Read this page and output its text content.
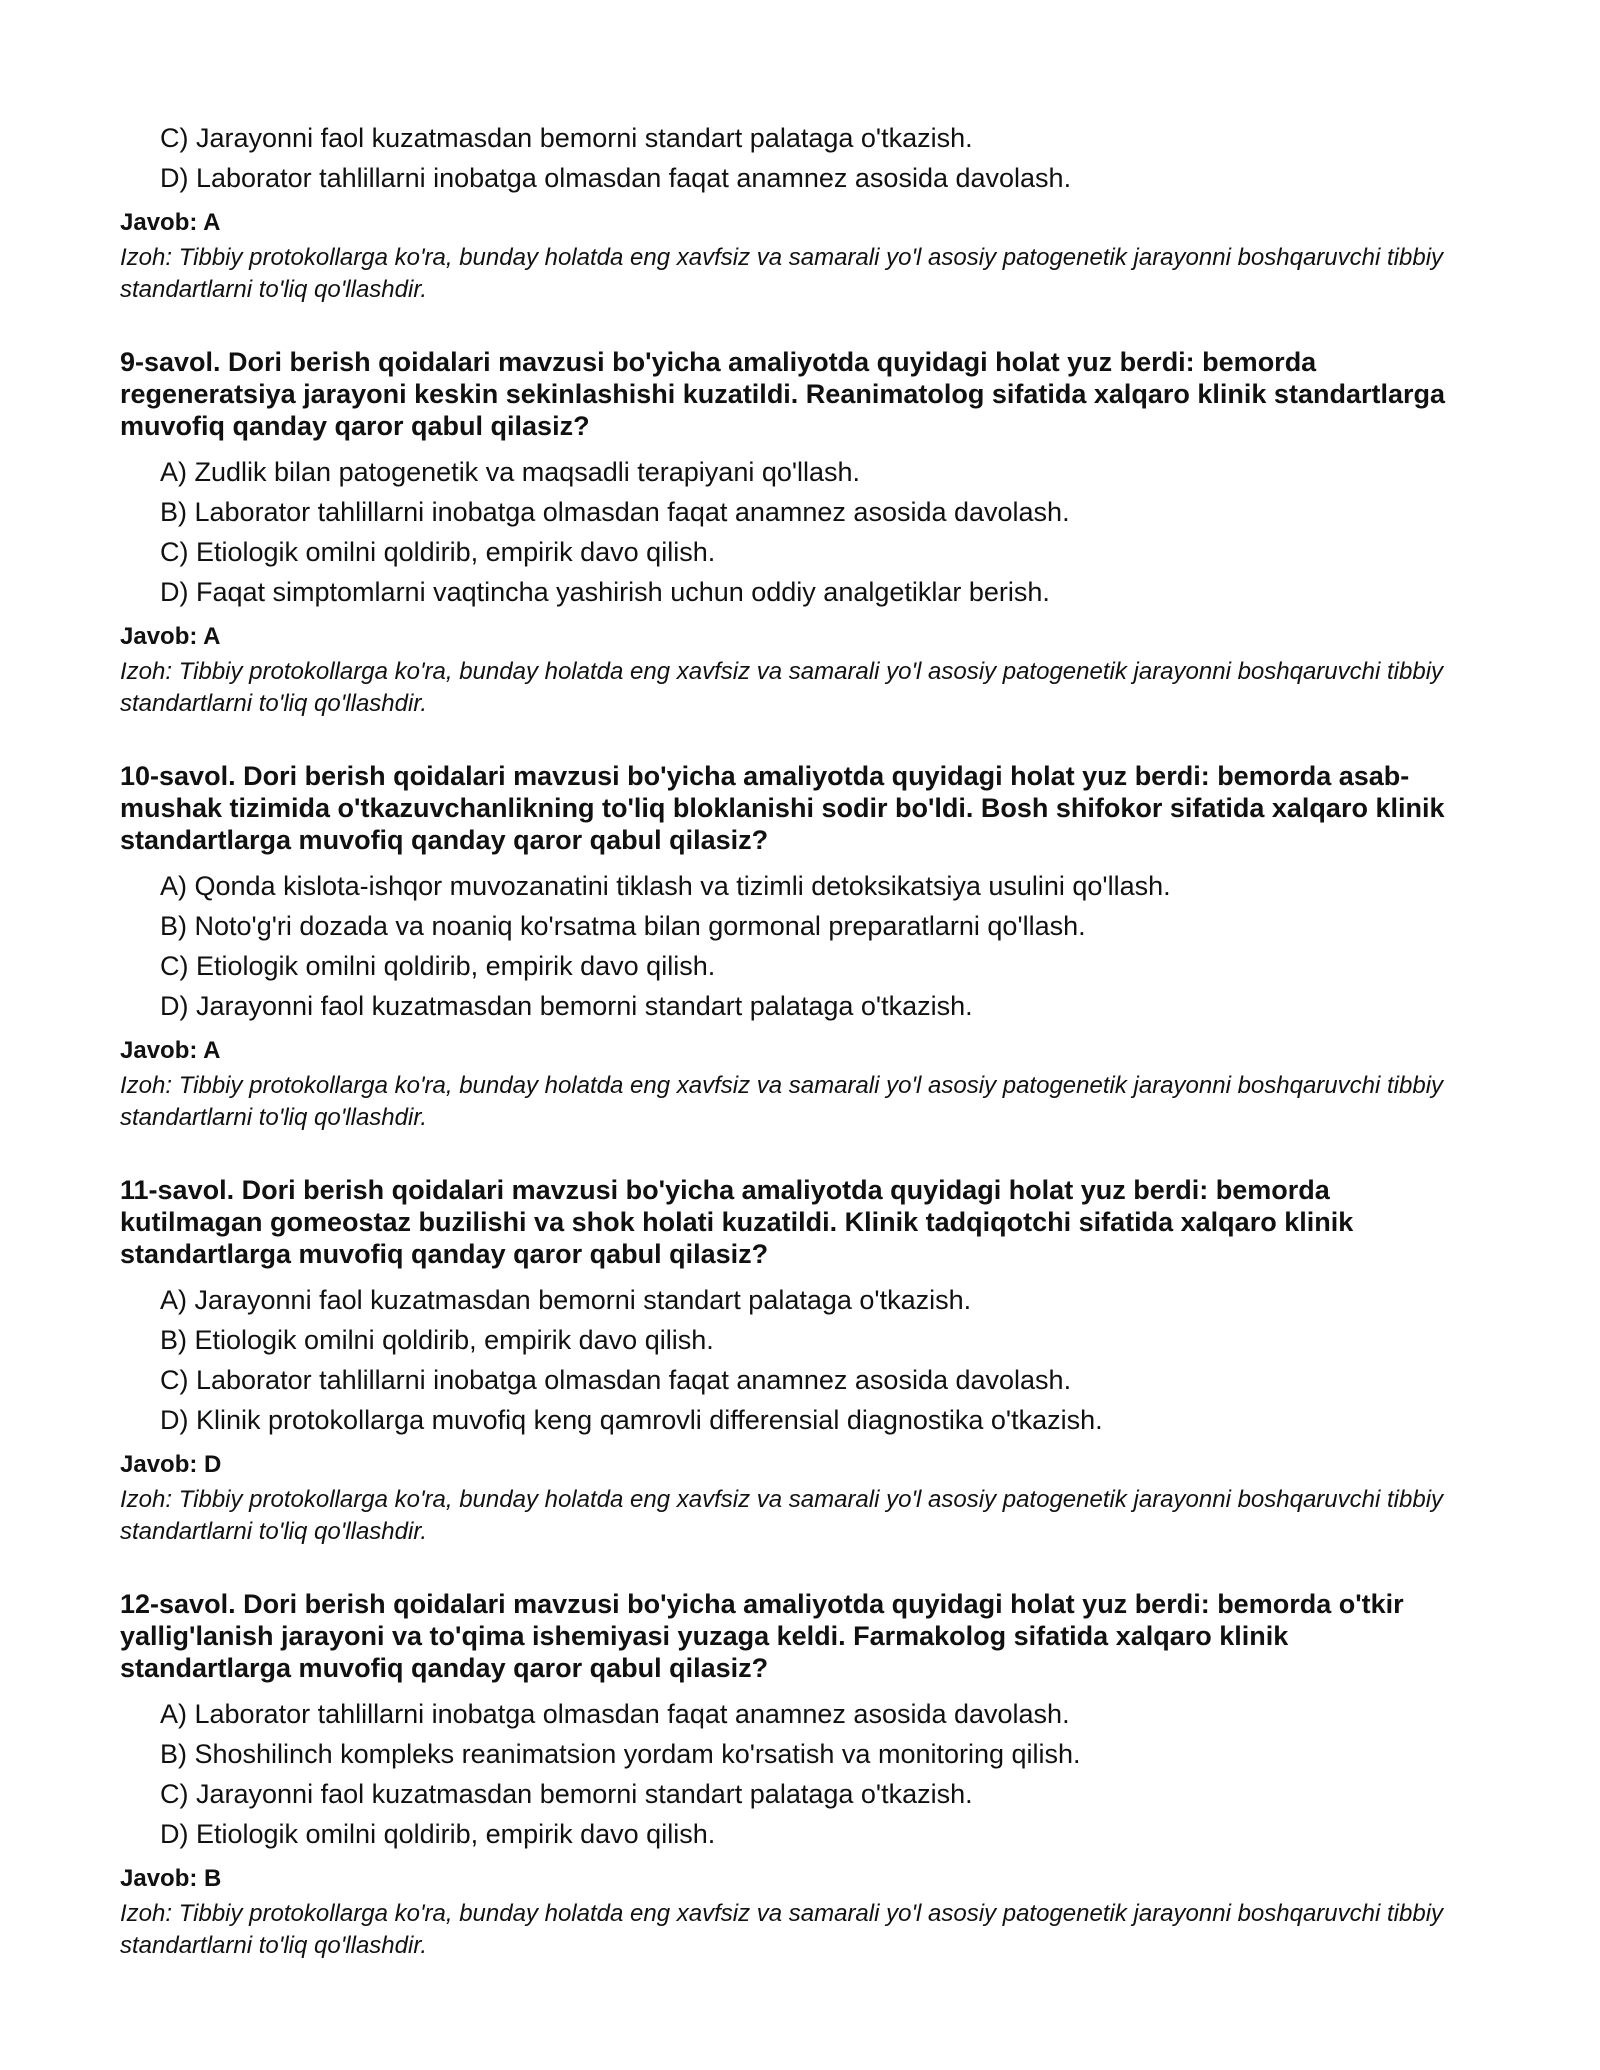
C) Jarayonni faol kuzatmasdan bemorni standart palataga o'tkazish.
D) Laborator tahlillarni inobatga olmasdan faqat anamnez asosida davolash.
Javob: A
Izoh: Tibbiy protokollarga ko'ra, bunday holatda eng xavfsiz va samarali yo'l asosiy patogenetik jarayonni boshqaruvchi tibbiy standartlarni to'liq qo'llashdir.
9-savol. Dori berish qoidalari mavzusi bo'yicha amaliyotda quyidagi holat yuz berdi: bemorda regeneratsiya jarayoni keskin sekinlashishi kuzatildi. Reanimatolog sifatida xalqaro klinik standartlarga muvofiq qanday qaror qabul qilasiz?
A) Zudlik bilan patogenetik va maqsadli terapiyani qo'llash.
B) Laborator tahlillarni inobatga olmasdan faqat anamnez asosida davolash.
C) Etiologik omilni qoldirib, empirik davo qilish.
D) Faqat simptomlarni vaqtincha yashirish uchun oddiy analgetiklar berish.
Javob: A
Izoh: Tibbiy protokollarga ko'ra, bunday holatda eng xavfsiz va samarali yo'l asosiy patogenetik jarayonni boshqaruvchi tibbiy standartlarni to'liq qo'llashdir.
10-savol. Dori berish qoidalari mavzusi bo'yicha amaliyotda quyidagi holat yuz berdi: bemorda asab-mushak tizimida o'tkazuvchanlikning to'liq bloklanishi sodir bo'ldi. Bosh shifokor sifatida xalqaro klinik standartlarga muvofiq qanday qaror qabul qilasiz?
A) Qonda kislota-ishqor muvozanatini tiklash va tizimli detoksikatsiya usulini qo'llash.
B) Noto'g'ri dozada va noaniq ko'rsatma bilan gormonal preparatlarni qo'llash.
C) Etiologik omilni qoldirib, empirik davo qilish.
D) Jarayonni faol kuzatmasdan bemorni standart palataga o'tkazish.
Javob: A
Izoh: Tibbiy protokollarga ko'ra, bunday holatda eng xavfsiz va samarali yo'l asosiy patogenetik jarayonni boshqaruvchi tibbiy standartlarni to'liq qo'llashdir.
11-savol. Dori berish qoidalari mavzusi bo'yicha amaliyotda quyidagi holat yuz berdi: bemorda kutilmagan gomeostaz buzilishi va shok holati kuzatildi. Klinik tadqiqotchi sifatida xalqaro klinik standartlarga muvofiq qanday qaror qabul qilasiz?
A) Jarayonni faol kuzatmasdan bemorni standart palataga o'tkazish.
B) Etiologik omilni qoldirib, empirik davo qilish.
C) Laborator tahlillarni inobatga olmasdan faqat anamnez asosida davolash.
D) Klinik protokollarga muvofiq keng qamrovli differensial diagnostika o'tkazish.
Javob: D
Izoh: Tibbiy protokollarga ko'ra, bunday holatda eng xavfsiz va samarali yo'l asosiy patogenetik jarayonni boshqaruvchi tibbiy standartlarni to'liq qo'llashdir.
12-savol. Dori berish qoidalari mavzusi bo'yicha amaliyotda quyidagi holat yuz berdi: bemorda o'tkir yallig'lanish jarayoni va to'qima ishemiyasi yuzaga keldi. Farmakolog sifatida xalqaro klinik standartlarga muvofiq qanday qaror qabul qilasiz?
A) Laborator tahlillarni inobatga olmasdan faqat anamnez asosida davolash.
B) Shoshilinch kompleks reanimatsion yordam ko'rsatish va monitoring qilish.
C) Jarayonni faol kuzatmasdan bemorni standart palataga o'tkazish.
D) Etiologik omilni qoldirib, empirik davo qilish.
Javob: B
Izoh: Tibbiy protokollarga ko'ra, bunday holatda eng xavfsiz va samarali yo'l asosiy patogenetik jarayonni boshqaruvchi tibbiy standartlarni to'liq qo'llashdir.
